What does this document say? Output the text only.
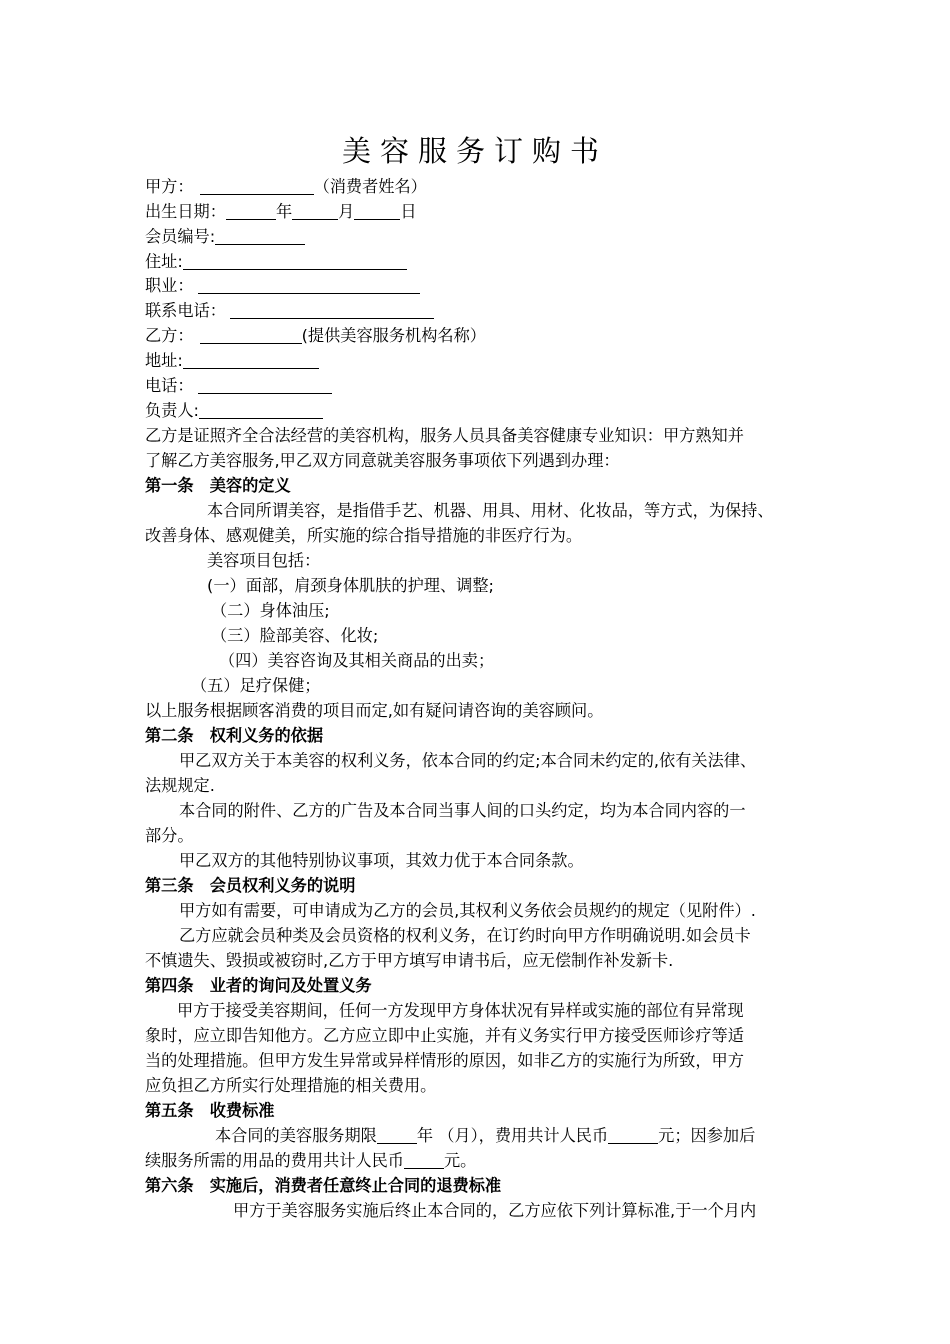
美容服务订购书
甲方：	（消费者姓名）
出生日期：	年	月	日
会员编号:
住址:
职业：
联系电话：
乙方：	(提供美容服务机构名称）
地址:
电话：
负责人:
乙方是证照齐全合法经营的美容机构，服务人员具备美容健康专业知识：甲方熟知并
了解乙方美容服务,甲乙双方同意就美容服务事项依下列遇到办理：
第一条　美容的定义
本合同所谓美容，是指借手艺、机器、用具、用材、化妆品，等方式，为保持、
改善身体、感观健美，所实施的综合指导措施的非医疗行为。
美容项目包括：
(一）面部，肩颈身体肌肤的护理、调整;
（二）身体油压;
（三）脸部美容、化妆;
（四）美容咨询及其相关商品的出卖；
（五）足疗保健；
以上服务根据顾客消费的项目而定,如有疑问请咨询的美容顾问。
第二条　权利义务的依据
甲乙双方关于本美容的权利义务，依本合同的约定;本合同未约定的,依有关法律、
法规规定.
本合同的附件、乙方的广告及本合同当事人间的口头约定，均为本合同内容的一
部分。
甲乙双方的其他特别协议事项，其效力优于本合同条款。
第三条　会员权利义务的说明
甲方如有需要，可申请成为乙方的会员,其权利义务依会员规约的规定（见附件）.
乙方应就会员种类及会员资格的权利义务，在订约时向甲方作明确说明.如会员卡
不慎遗失、毁损或被窃时,乙方于甲方填写申请书后，应无偿制作补发新卡.
第四条　业者的询问及处置义务
甲方于接受美容期间，任何一方发现甲方身体状况有异样或实施的部位有异常现
象时，应立即告知他方。乙方应立即中止实施，并有义务实行甲方接受医师诊疗等适
当的处理措施。但甲方发生异常或异样情形的原因，如非乙方的实施行为所致，甲方
应负担乙方所实行处理措施的相关费用。
第五条　收费标准
本合同的美容服务期限 年 （月），费用共计人民币	元；因参加后
续服务所需的用品的费用共计人民币 元。
第六条　实施后，消费者任意终止合同的退费标准
甲方于美容服务实施后终止本合同的，乙方应依下列计算标准,于一个月内
